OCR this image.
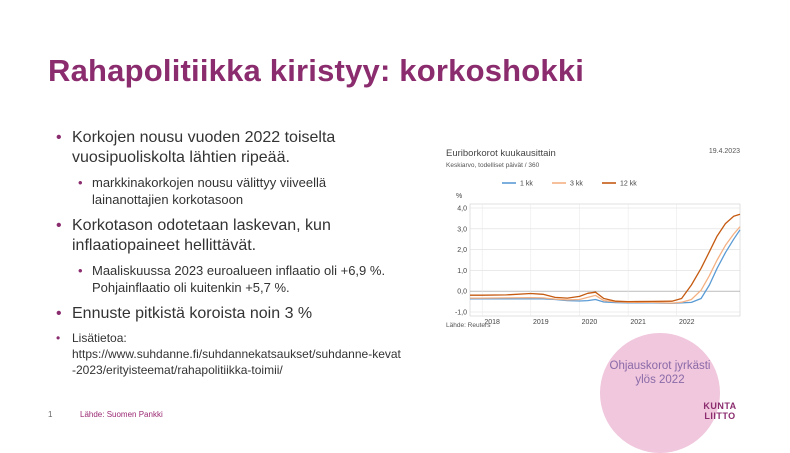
Rahapolitiikka kiristyy: korkoshokki
• Korkojen nousu vuoden 2022 toiselta vuosipuoliskolta lähtien ripeää.
• markkinakorkojen nousu välittyy viiveellä lainanottajien korkotasoon
• Korkotason odotetaan laskevan, kun inflaatiopaineet hellittävät.
• Maaliskuussa 2023 euroalueen inflaatio oli +6,9 %. Pohjainflaatio oli kuitenkin +5,7 %.
• Ennuste pitkistä koroista noin 3 %
• Lisätietoa:
https://www.suhdanne.fi/suhdannekatsaukset/suhdanne-kevat-2023/erityisteemat/rahapolitiikka-toimii/
4,0
3,0
2,0
1,0
0,0
-1,0
%
2018	2019	2020	2021	2022
1 kk	3 kk	12 kk
Euriborkorot kuukausittain
Keskiarvo, todelliset päivät / 360
19.4.2023
Lähde: Reuters
Ohjauskorot jyrkästi ylös 2022
1	Lähde: Suomen Pankki
KUNTA
LIITTO
